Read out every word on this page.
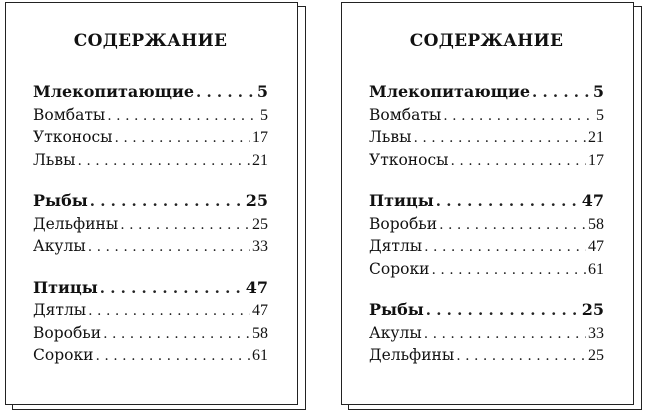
СОДЕРЖАНИЕ
Млекопитающие . . .	5
Вомбаты . . .	5
Утконосы . . .	17
Львы . . .	21
Рыбы . . .	25
Дельфины . . .	25
Акулы . . .	33
Птицы . . .	47
Дятлы . . .	47
Воробьи . . .	58
Сороки . . .	61
СОДЕРЖАНИЕ
Млекопитающие . . .	5
Вомбаты . . .	5
Львы . . .	21
Утконосы . . .	17
Птицы . . .	47
Воробьи . . .	58
Дятлы . . .	47
Сороки . . .	61
Рыбы . . .	25
Акулы . . .	33
Дельфины . . .	25
